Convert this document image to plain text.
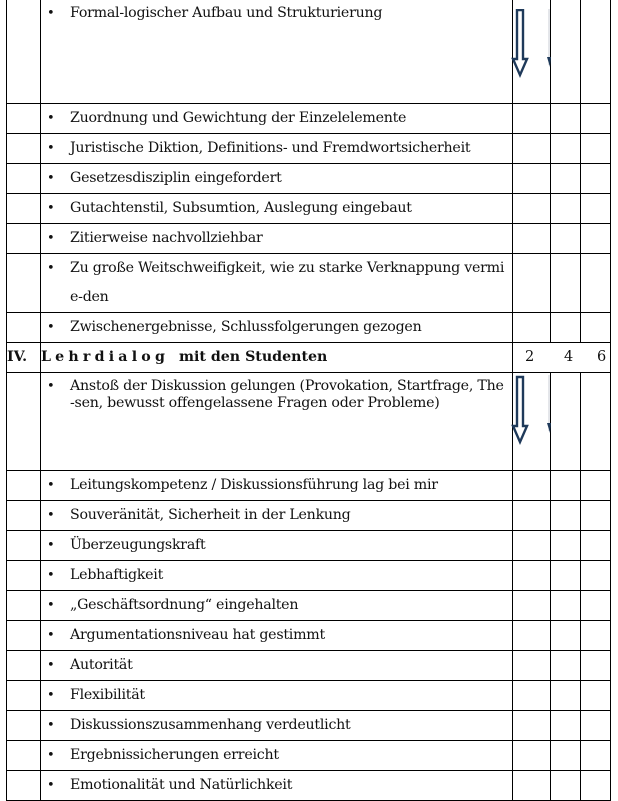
	• Formal-logischer Aufbau und Strukturierung

	• Zuordnung und Gewichtung der Einzelelemente			

	• Juristische Diktion, Definitions- und Fremdwortsicherheit			

	• Gesetzesdisziplin eingefordert			

	• Gutachtenstil, Subsumtion, Auslegung eingebaut			

	• Zitierweise nachvollziehbar			

	• Zu große Weitschweifigkeit, wie zu starke Verknappung vermie-den			

	• Zwischenergebnisse, Schlussfolgerungen gezogen			

IV.	Lehrdialog mit den Studenten	2 4 6		

	• Anstoß der Diskussion gelungen (Provokation, Startfrage, The-sen, bewusst offengelassene Fragen oder Probleme)

	• Leitungskompetenz / Diskussionsführung lag bei mir			

	• Souveränität, Sicherheit in der Lenkung			

	• Überzeugungskraft			

	• Lebhaftigkeit			

	• „Geschäftsordnung“ eingehalten			

	• Argumentationsniveau hat gestimmt			

	• Autorität			

	• Flexibilität			

	• Diskussionszusammenhang verdeutlicht			

	• Ergebnissicherungen erreicht			

	• Emotionalität und Natürlichkeit			
